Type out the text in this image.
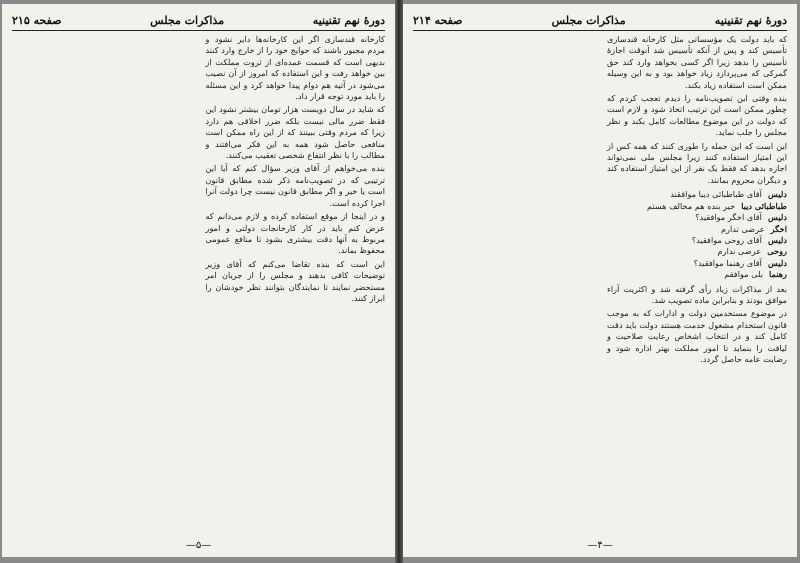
دورهٔ نهم تقنینیه
مذاکرات مجلس
صفحه ۲۱۵

کارخانه قندسازی اگر این کارخانه‌ها دایر نشود و مردم مجبور باشند که حوایج خود را از خارج وارد کنند بدیهی است که قسمت عمده‌ای از ثروت مملکت از بین خواهد رفت و این استفاده که امروز از آن نصیب می‌شود در آتیه هم دوام پیدا خواهد کرد و این مسئله را باید مورد توجه قرار داد.

که شاید در سال دویست هزار تومان بیشتر نشود این فقط ضرر مالی نیست بلکه ضرر اخلاقی هم دارد زیرا که مردم وقتی ببینند که از این راه ممکن است منافعی حاصل شود همه به این فکر می‌افتند و مطالب را با نظر انتفاع شخصی تعقیب می‌کنند.

بنده می‌خواهم از آقای وزیر سؤال کنم که آیا این ترتیبی که در تصویب‌نامه ذکر شده مطابق قانون است یا خیر و اگر مطابق قانون نیست چرا دولت آنرا اجرا کرده است.

و در اینجا از موقع استفاده کرده و لازم می‌دانم که عرض کنم باید در کار کارخانجات دولتی و امور مربوط به آنها دقت بیشتری بشود تا منافع عمومی محفوظ بماند.

این است که بنده تقاضا می‌کنم که آقای وزیر توضیحات کافی بدهند و مجلس را از جریان امر مستحضر نمایند تا نمایندگان بتوانند نظر خودشان را ابراز کنند.

—۵—
دورهٔ نهم تقنینیه
مذاکرات مجلس
صفحه ۲۱۴

که باید دولت یک مؤسساتی مثل کارخانه قندسازی تأسیس کند و پس از آنکه تأسیس شد آنوقت اجازهٔ تأسیس را بدهد زیرا اگر کسی بخواهد وارد کند حق گمرکی که می‌پردازد زیاد خواهد بود و به این وسیله ممکن است استفاده زیاد بکند.

بنده وقتی این تصویب‌نامه را دیدم تعجب کردم که چطور ممکن است این ترتیب اتخاذ شود و لازم است که دولت در این موضوع مطالعات کامل بکند و نظر مجلس را جلب نماید.

این است که این جمله را طوری کنند که همه کس از این امتیاز استفاده کنند زیرا مجلس ملی نمی‌تواند اجازه بدهد که فقط یک نفر از این امتیاز استفاده کند و دیگران محروم بمانند.

دلیس
آقای طباطبائی دیبا موافقند
طباطبائی دیبا
خیر بنده هم مخالف هستم
دلیس
آقای اخگر موافقید؟
اخگر
عرضی ندارم
دلیس
آقای روحی موافقید؟
روحی
عرضی ندارم
دلیس
آقای رهنما موافقید؟
رهنما
بلی موافقم

بعد از مذاکرات زیاد رأی گرفته شد و اکثریت آراء موافق بودند و بنابراین ماده تصویب شد.

در موضوع مستخدمین دولت و ادارات که به موجب قانون استخدام مشغول خدمت هستند دولت باید دقت کامل کند و در انتخاب اشخاص رعایت صلاحیت و لیاقت را بنماید تا امور مملکت بهتر اداره شود و رضایت عامه حاصل گردد.

—۴—
